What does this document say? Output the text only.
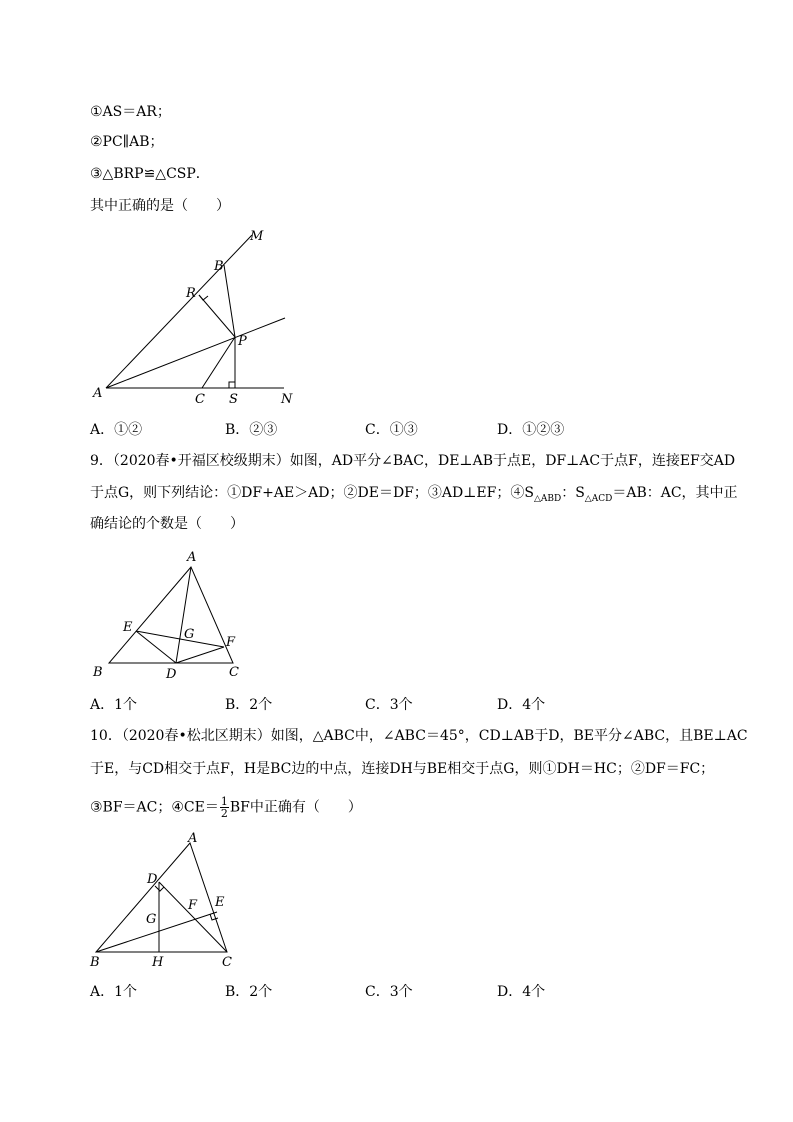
①AS＝AR；
②PC∥AB；
③△BRP≌△CSP．
其中正确的是（　　）
M
B
R
P
A	C S	N
A．①②	B．②③	C．①③	D．①②③
9．（2020春•开福区校级期末）如图，AD平分∠BAC，DE⊥AB于点E，DF⊥AC于点F，连接EF交AD
于点G，则下列结论：①DF+AE＞AD；②DE＝DF；③AD⊥EF；$④S_{\triangle ABD}$：$S_{\triangle ACD}=AB$：AC，其中正
确结论的个数是（　　）
A
E	G
F
B	D	C
A．1个	B．2个	C．3个	D．4个
10．（2020春•松北区期末）如图，△ABC中，∠ABC＝45°，CD⊥AB于D，BE平分∠ABC，且BE⊥AC
于E，与CD相交于点F，H是BC边的中点，连接DH与BE相交于点G，则①DH＝HC；②DF＝FC；
③BF＝AC；④CE＝ $\frac{1}{2}$ BF中正确有（　　）
A
D
E
F
G
B	H	C
A．1个	B．2个	C．3个	D．4个
